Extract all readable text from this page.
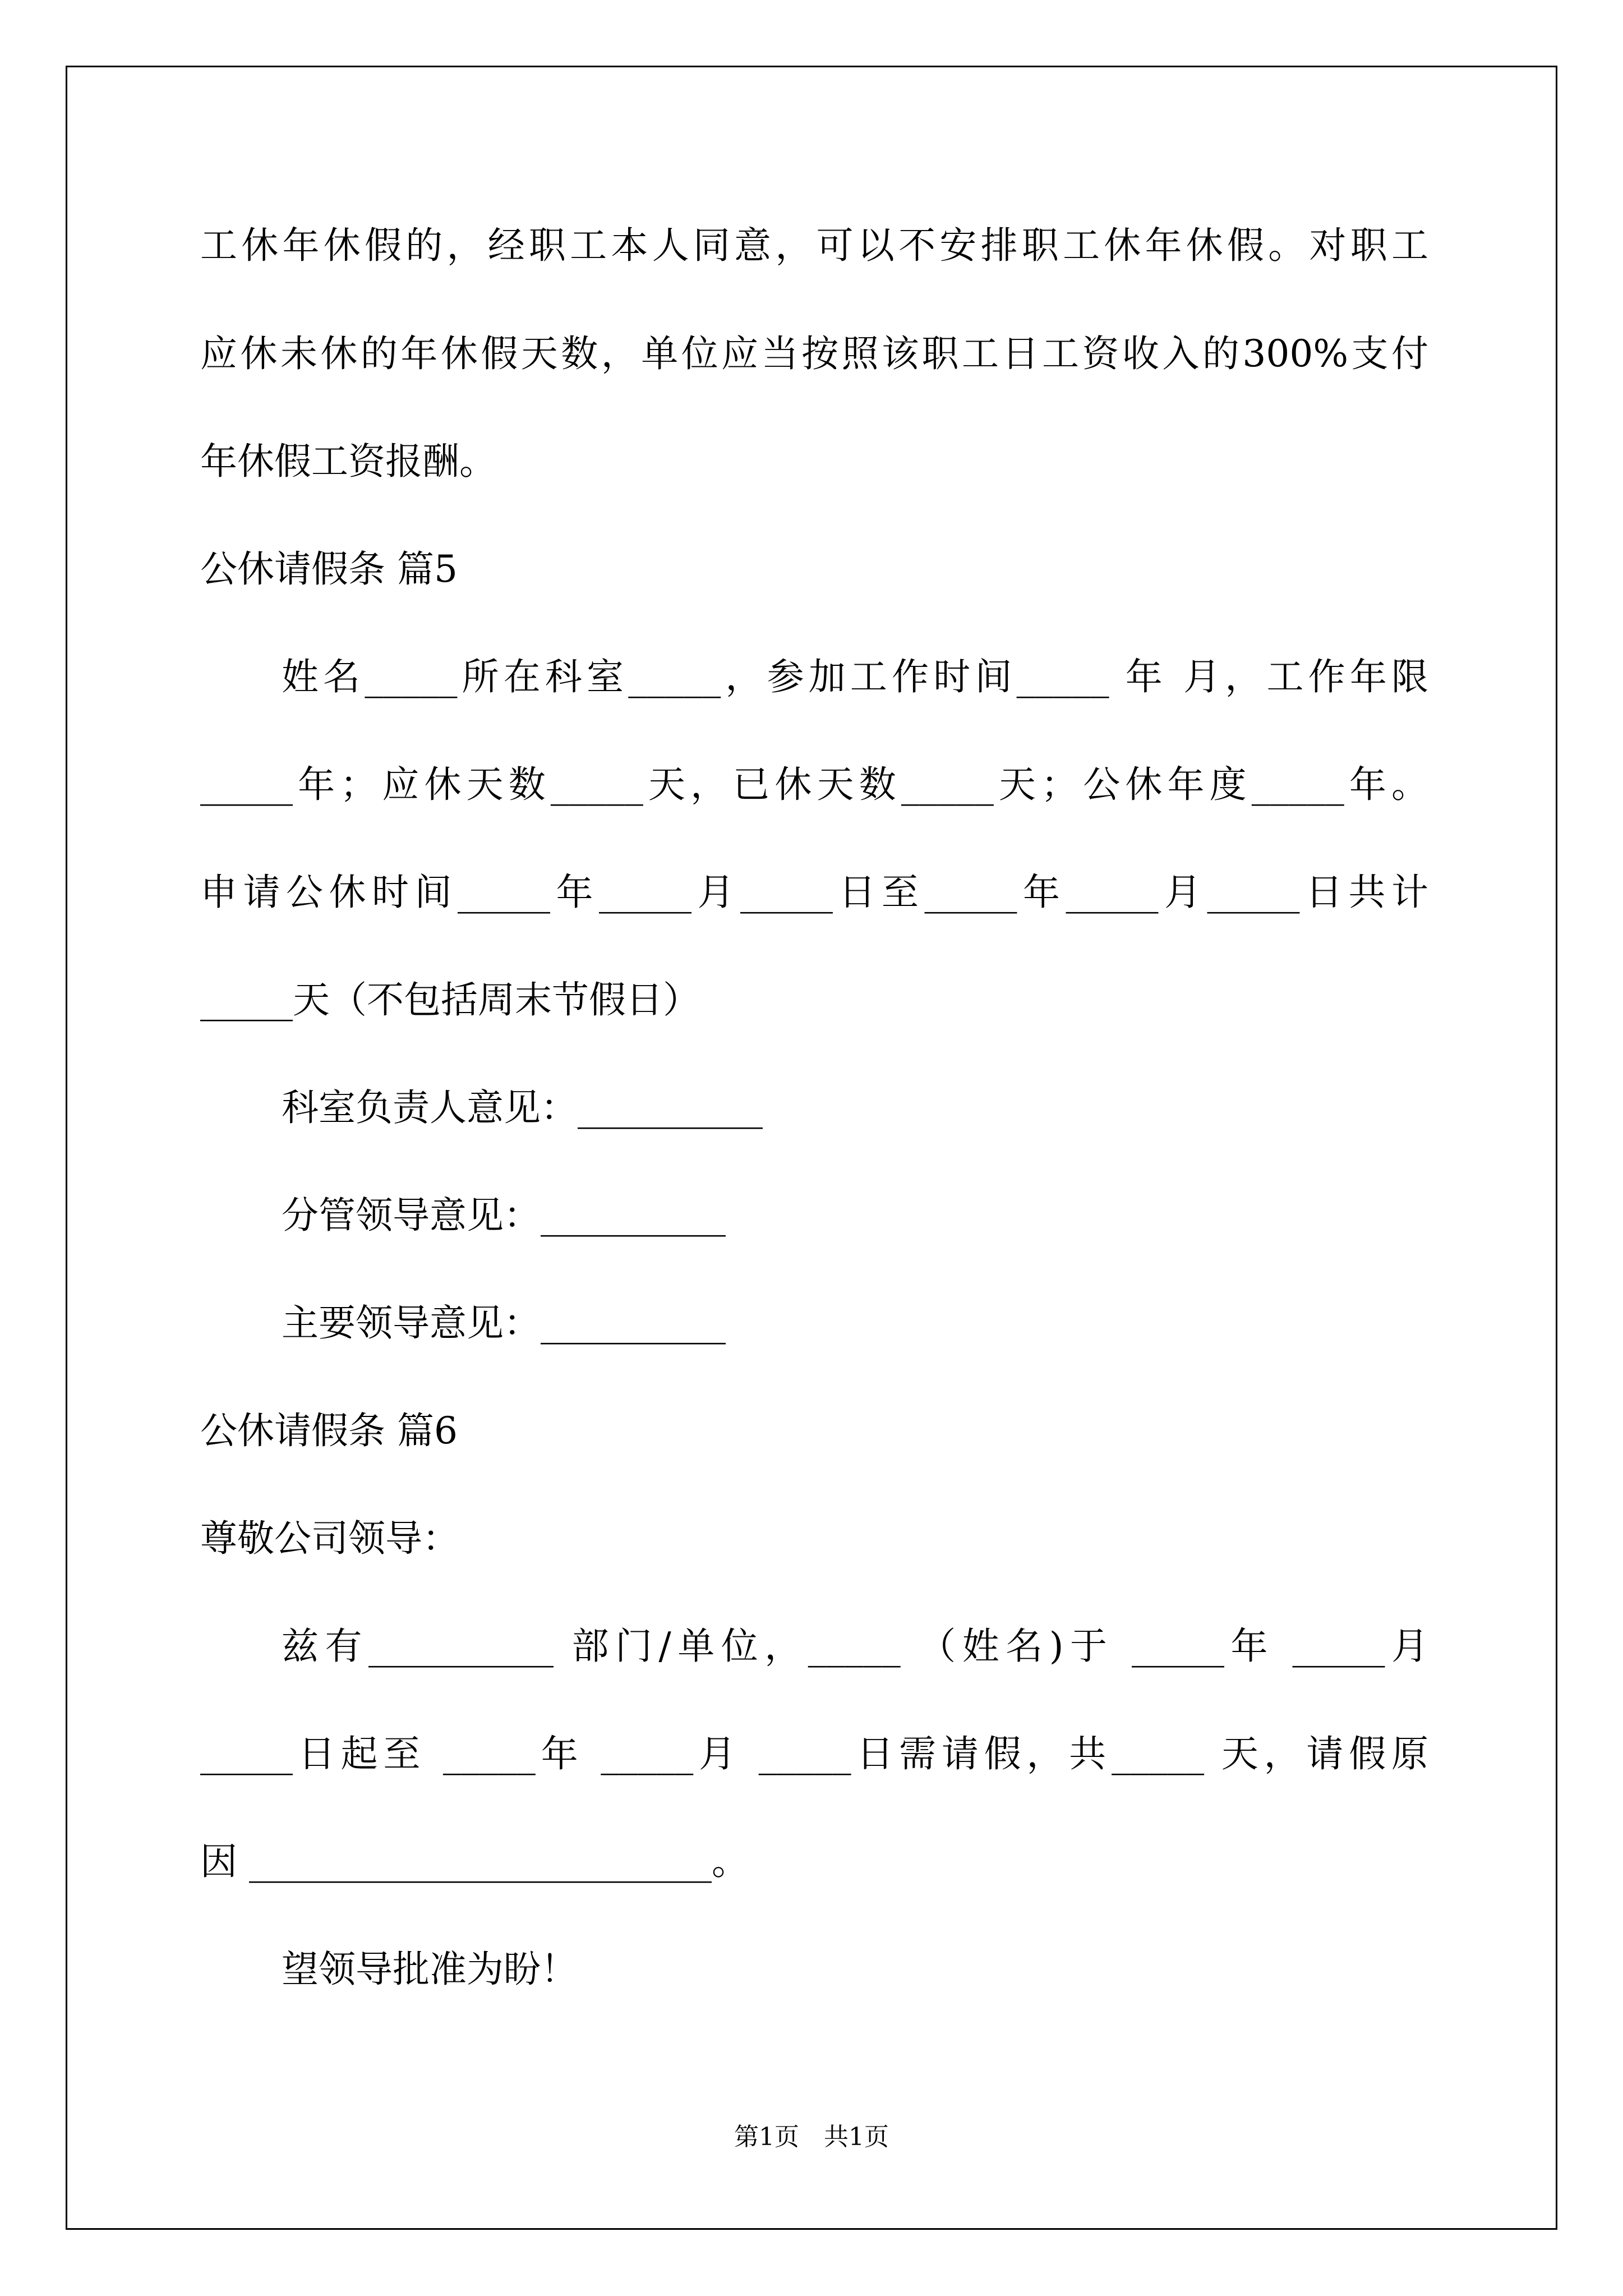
工休年休假的，经职工本人同意，可以不安排职工休年休假。对职工
应休未休的年休假天数，单位应当按照该职工日工资收入的300%支付
年休假工资报酬。
公休请假条 篇5
姓名_____所在科室_____，参加工作时间_____ 年 月，工作年限
_____年；应休天数_____天，已休天数_____天；公休年度_____年。
申请公休时间_____年_____月_____日至_____年_____月_____日共计
_____天（不包括周末节假日）
科室负责人意见：__________
分管领导意见：__________
主要领导意见：__________
公休请假条 篇6
尊敬公司领导：
兹有__________ 部门/单位，_____ （姓名)于 _____年 _____月
_____日起至 _____年 _____月 _____日需请假，共_____ 天，请假原
因 _________________________。
望领导批准为盼！
第1页　共1页
